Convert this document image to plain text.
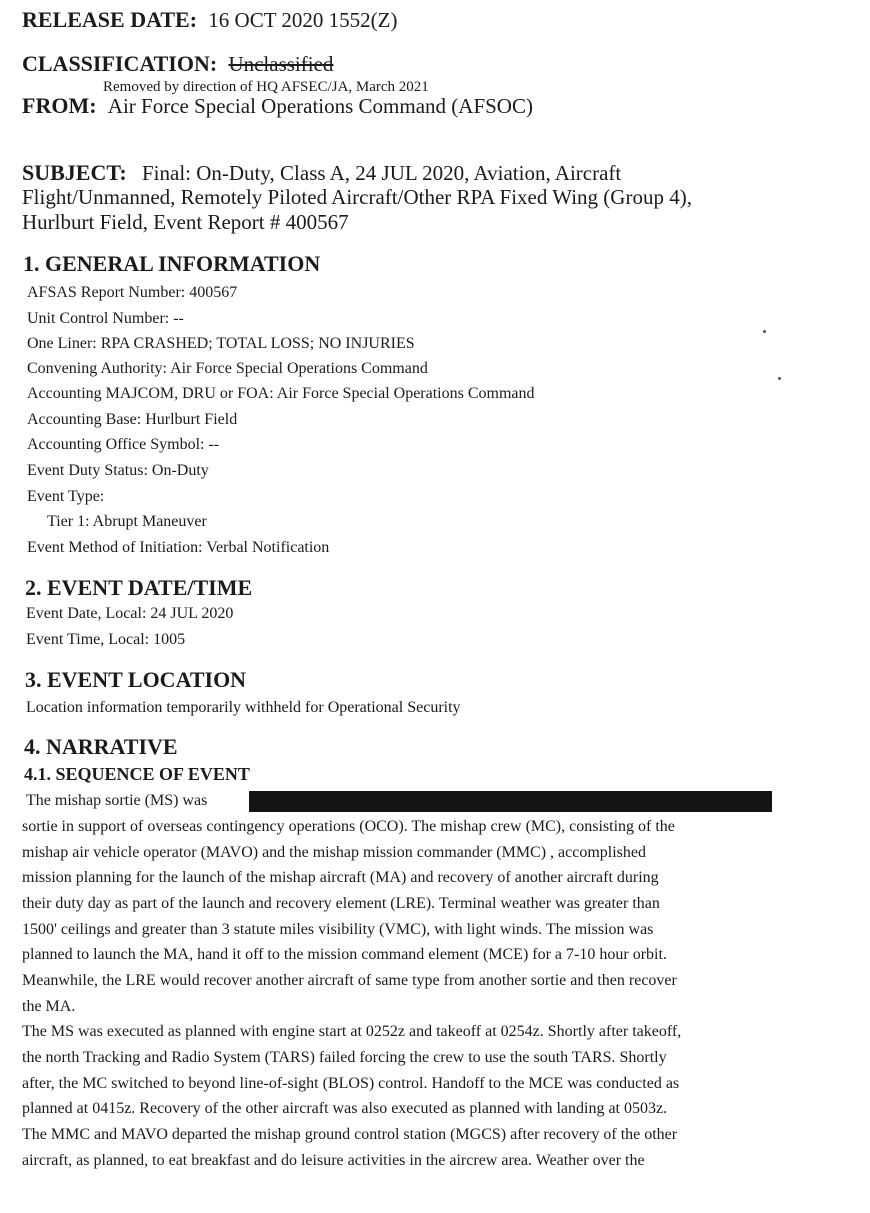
RELEASE DATE: 16 OCT 2020 1552(Z)
CLASSIFICATION: Unclassified
Removed by direction of HQ AFSEC/JA, March 2021
FROM: Air Force Special Operations Command (AFSOC)
SUBJECT: Final: On-Duty, Class A, 24 JUL 2020, Aviation, Aircraft
Flight/Unmanned, Remotely Piloted Aircraft/Other RPA Fixed Wing (Group 4),
Hurlburt Field, Event Report # 400567
1. GENERAL INFORMATION
AFSAS Report Number: 400567
Unit Control Number: --
One Liner: RPA CRASHED; TOTAL LOSS; NO INJURIES
Convening Authority: Air Force Special Operations Command
Accounting MAJCOM, DRU or FOA: Air Force Special Operations Command
Accounting Base: Hurlburt Field
Accounting Office Symbol: --
Event Duty Status: On-Duty
Event Type:
Tier 1: Abrupt Maneuver
Event Method of Initiation: Verbal Notification
2. EVENT DATE/TIME
Event Date, Local: 24 JUL 2020
Event Time, Local: 1005
3. EVENT LOCATION
Location information temporarily withheld for Operational Security
4. NARRATIVE
4.1. SEQUENCE OF EVENT
The mishap sortie (MS) was
sortie in support of overseas contingency operations (OCO). The mishap crew (MC), consisting of the
mishap air vehicle operator (MAVO) and the mishap mission commander (MMC) , accomplished
mission planning for the launch of the mishap aircraft (MA) and recovery of another aircraft during
their duty day as part of the launch and recovery element (LRE). Terminal weather was greater than
1500' ceilings and greater than 3 statute miles visibility (VMC), with light winds. The mission was
planned to launch the MA, hand it off to the mission command element (MCE) for a 7-10 hour orbit.
Meanwhile, the LRE would recover another aircraft of same type from another sortie and then recover
the MA.
The MS was executed as planned with engine start at 0252z and takeoff at 0254z. Shortly after takeoff,
the north Tracking and Radio System (TARS) failed forcing the crew to use the south TARS. Shortly
after, the MC switched to beyond line-of-sight (BLOS) control. Handoff to the MCE was conducted as
planned at 0415z. Recovery of the other aircraft was also executed as planned with landing at 0503z.
The MMC and MAVO departed the mishap ground control station (MGCS) after recovery of the other
aircraft, as planned, to eat breakfast and do leisure activities in the aircrew area. Weather over the
